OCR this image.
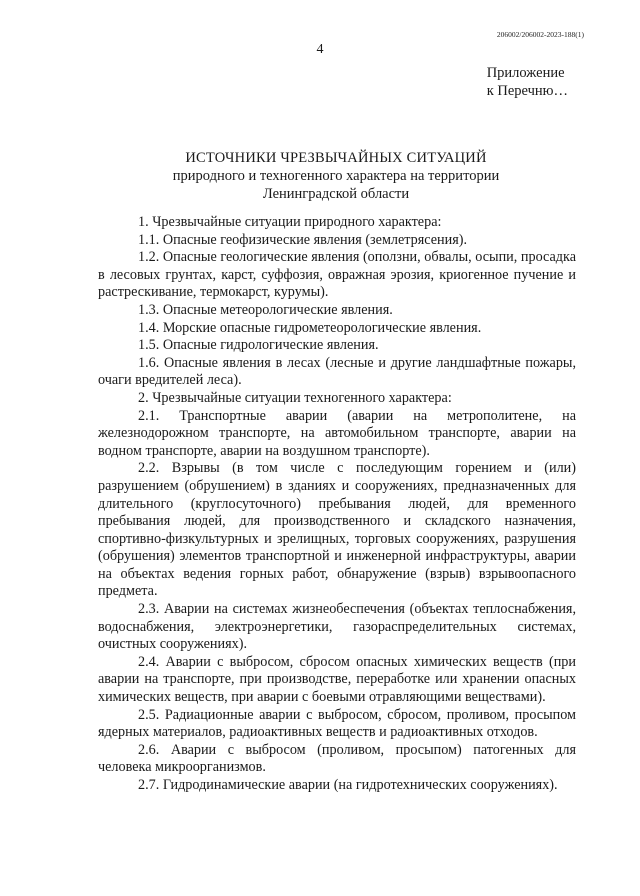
206002/206002-2023-188(1)
4
Приложение
к Перечню…
ИСТОЧНИКИ ЧРЕЗВЫЧАЙНЫХ СИТУАЦИЙ
природного и техногенного характера на территории
Ленинградской области

1. Чрезвычайные ситуации природного характера:

1.1. Опасные геофизические явления (землетрясения).

1.2. Опасные геологические явления (оползни, обвалы, осыпи, просадка в лесовых грунтах, карст, суффозия, овражная эрозия, криогенное пучение и растрескивание, термокарст, курумы).

1.3. Опасные метеорологические явления.

1.4. Морские опасные гидрометеорологические явления.

1.5. Опасные гидрологические явления.

1.6. Опасные явления в лесах (лесные и другие ландшафтные пожары, очаги вредителей леса).

2. Чрезвычайные ситуации техногенного характера:

2.1. Транспортные аварии (аварии на метрополитене, на железнодорожном транспорте, на автомобильном транспорте, аварии на водном транспорте, аварии на воздушном транспорте).

2.2. Взрывы (в том числе с последующим горением и (или) разрушением (обрушением) в зданиях и сооружениях, предназначенных для длительного (круглосуточного) пребывания людей, для временного пребывания людей, для производственного и складского назначения, спортивно-физкультурных и зрелищных, торговых сооружениях, разрушения (обрушения) элементов транспортной и инженерной инфраструктуры, аварии на объектах ведения горных работ, обнаружение (взрыв) взрывоопасного предмета.

2.3. Аварии на системах жизнеобеспечения (объектах теплоснабжения, водоснабжения, электроэнергетики, газораспределительных системах, очистных сооружениях).

2.4. Аварии с выбросом, сбросом опасных химических веществ (при аварии на транспорте, при производстве, переработке или хранении опасных химических веществ, при аварии с боевыми отравляющими веществами).

2.5. Радиационные аварии с выбросом, сбросом, проливом, просыпом ядерных материалов, радиоактивных веществ и радиоактивных отходов.

2.6. Аварии с выбросом (проливом, просыпом) патогенных для человека микроорганизмов.

2.7. Гидродинамические аварии (на гидротехнических сооружениях).
